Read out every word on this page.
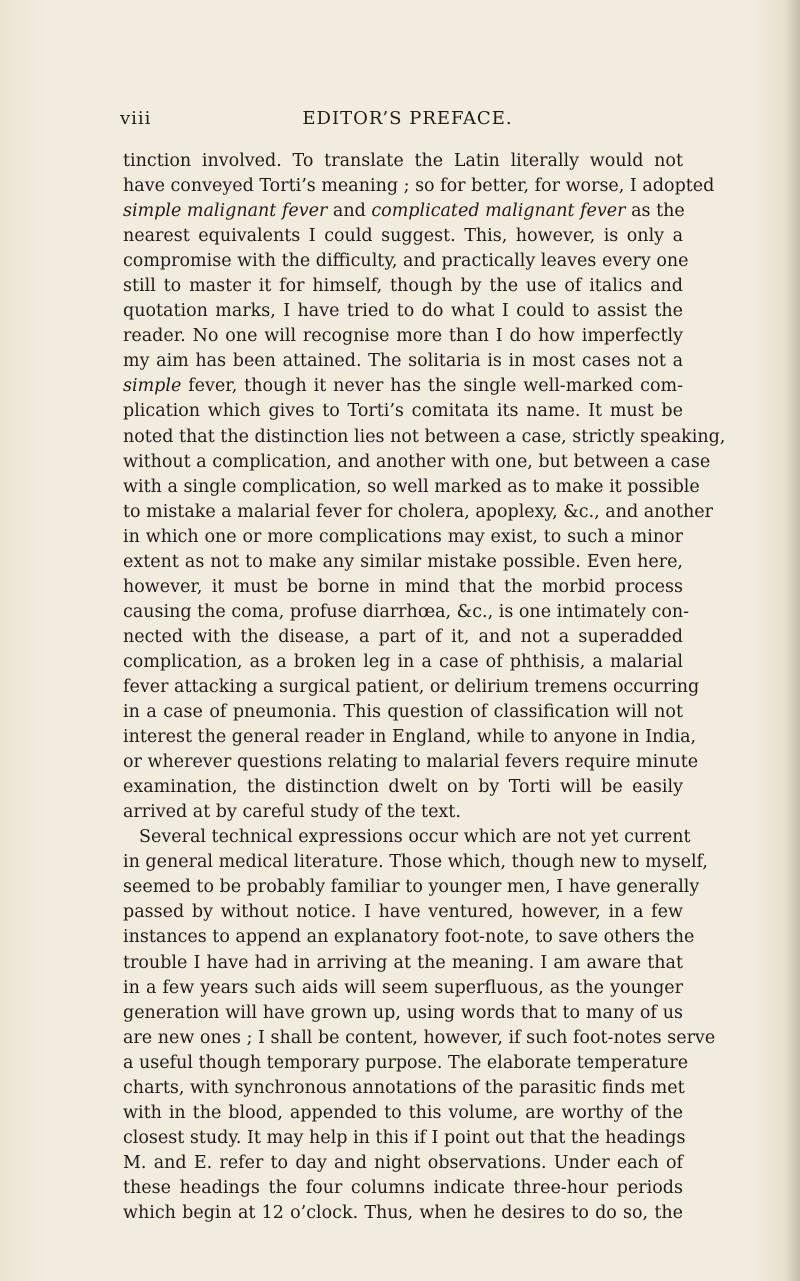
viii	EDITOR’S PREFACE.
tinction involved. To translate the Latin literally would not
have conveyed Torti’s meaning ; so for better, for worse, I adopted
simple malignant fever and complicated malignant fever as the
nearest equivalents I could suggest. This, however, is only a
compromise with the difficulty, and practically leaves every one
still to master it for himself, though by the use of italics and
quotation marks, I have tried to do what I could to assist the
reader. No one will recognise more than I do how imperfectly
my aim has been attained. The solitaria is in most cases not a
simple fever, though it never has the single well-marked com-
plication which gives to Torti’s comitata its name. It must be
noted that the distinction lies not between a case, strictly speaking,
without a complication, and another with one, but between a case
with a single complication, so well marked as to make it possible
to mistake a malarial fever for cholera, apoplexy, &c., and another
in which one or more complications may exist, to such a minor
extent as not to make any similar mistake possible. Even here,
however, it must be borne in mind that the morbid process
causing the coma, profuse diarrhœa, &c., is one intimately con-
nected with the disease, a part of it, and not a superadded
complication, as a broken leg in a case of phthisis, a malarial
fever attacking a surgical patient, or delirium tremens occurring
in a case of pneumonia. This question of classification will not
interest the general reader in England, while to anyone in India,
or wherever questions relating to malarial fevers require minute
examination, the distinction dwelt on by Torti will be easily
arrived at by careful study of the text.
Several technical expressions occur which are not yet current
in general medical literature. Those which, though new to myself,
seemed to be probably familiar to younger men, I have generally
passed by without notice. I have ventured, however, in a few
instances to append an explanatory foot-note, to save others the
trouble I have had in arriving at the meaning. I am aware that
in a few years such aids will seem superfluous, as the younger
generation will have grown up, using words that to many of us
are new ones ; I shall be content, however, if such foot-notes serve
a useful though temporary purpose. The elaborate temperature
charts, with synchronous annotations of the parasitic finds met
with in the blood, appended to this volume, are worthy of the
closest study. It may help in this if I point out that the headings
M. and E. refer to day and night observations. Under each of
these headings the four columns indicate three-hour periods
which begin at 12 o’clock. Thus, when he desires to do so, the
